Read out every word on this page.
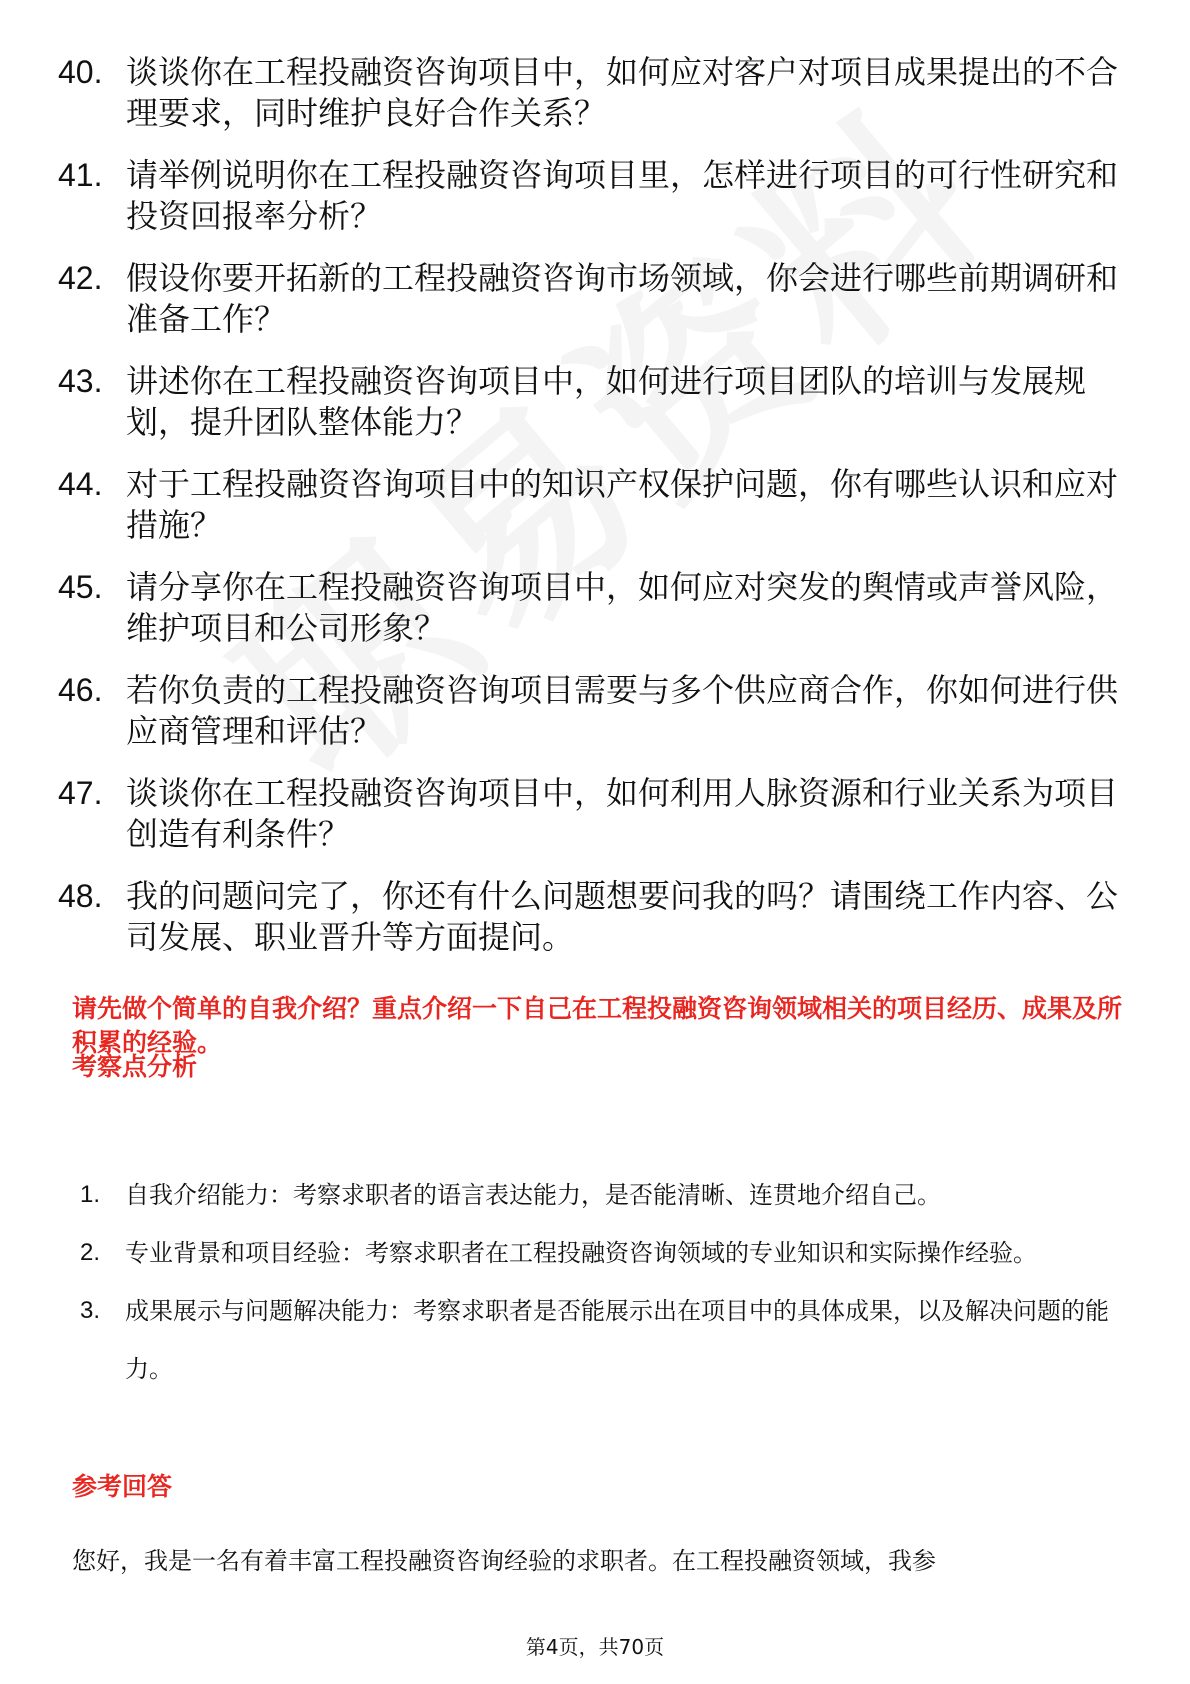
40. 谈谈你在工程投融资咨询项目中，如何应对客户对项目成果提出的不合理要求，同时维护良好合作关系？
41. 请举例说明你在工程投融资咨询项目里，怎样进行项目的可行性研究和投资回报率分析？
42. 假设你要开拓新的工程投融资咨询市场领域，你会进行哪些前期调研和准备工作？
43. 讲述你在工程投融资咨询项目中，如何进行项目团队的培训与发展规划，提升团队整体能力？
44. 对于工程投融资咨询项目中的知识产权保护问题，你有哪些认识和应对措施？
45. 请分享你在工程投融资咨询项目中，如何应对突发的舆情或声誉风险，维护项目和公司形象？
46. 若你负责的工程投融资咨询项目需要与多个供应商合作，你如何进行供应商管理和评估？
47. 谈谈你在工程投融资咨询项目中，如何利用人脉资源和行业关系为项目创造有利条件？
48. 我的问题问完了，你还有什么问题想要问我的吗？请围绕工作内容、公司发展、职业晋升等方面提问。
请先做个简单的自我介绍？重点介绍一下自己在工程投融资咨询领域相关的项目经历、成果及所积累的经验。
考察点分析
1.	自我介绍能力：考察求职者的语言表达能力，是否能清晰、连贯地介绍自己。
2.	专业背景和项目经验：考察求职者在工程投融资咨询领域的专业知识和实际操作经验。
3.	成果展示与问题解决能力：考察求职者是否能展示出在项目中的具体成果，以及解决问题的能力。
参考回答
您好，我是一名有着丰富工程投融资咨询经验的求职者。在工程投融资领域，我参
第4页，共70页
